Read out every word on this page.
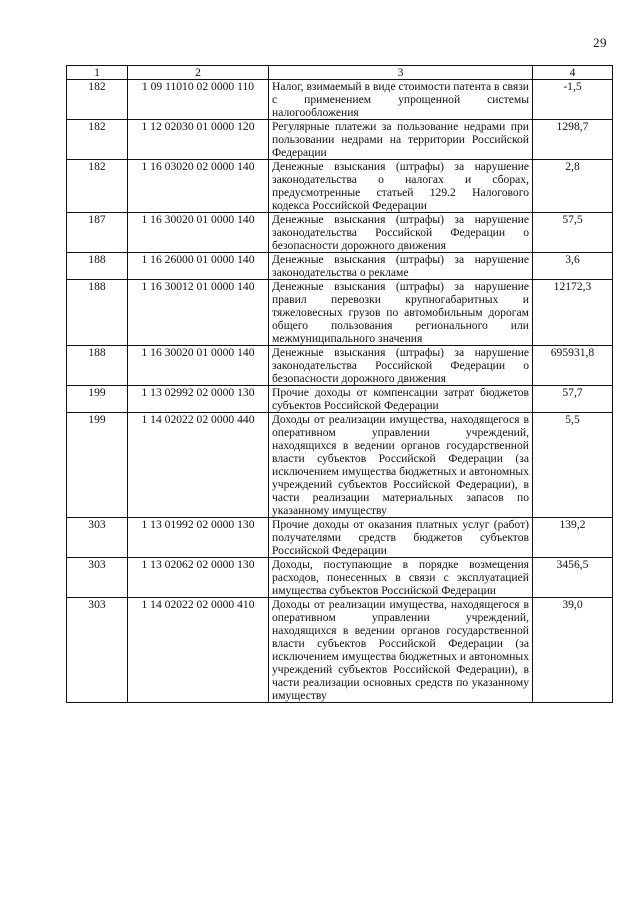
29
1	2	3	4
182	1 09 11010 02 0000 110	Налог, взимаемый в виде стоимости патента в связи с применением упрощенной системы налогообложения	-1,5
182	1 12 02030 01 0000 120	Регулярные платежи за пользование недрами при пользовании недрами на территории Российской Федерации	1298,7
182	1 16 03020 02 0000 140	Денежные взыскания (штрафы) за нарушение законодательства о налогах и сборах, предусмотренные статьей 129.2 Налогового кодекса Российской Федерации	2,8
187	1 16 30020 01 0000 140	Денежные взыскания (штрафы) за нарушение законодательства Российской Федерации о безопасности дорожного движения	57,5
188	1 16 26000 01 0000 140	Денежные взыскания (штрафы) за нарушение законодательства о рекламе	3,6
188	1 16 30012 01 0000 140	Денежные взыскания (штрафы) за нарушение правил перевозки крупногабаритных и тяжеловесных грузов по автомобильным дорогам общего пользования регионального или межмуниципального значения	12172,3
188	1 16 30020 01 0000 140	Денежные взыскания (штрафы) за нарушение законодательства Российской Федерации о безопасности дорожного движения	695931,8
199	1 13 02992 02 0000 130	Прочие доходы от компенсации затрат бюджетов субъектов Российской Федерации	57,7
199	1 14 02022 02 0000 440	Доходы от реализации имущества, находящегося в оперативном управлении учреждений, находящихся в ведении органов государственной власти субъектов Российской Федерации (за исключением имущества бюджетных и автономных учреждений субъектов Российской Федерации), в части реализации материальных запасов по указанному имуществу	5,5
303	1 13 01992 02 0000 130	Прочие доходы от оказания платных услуг (работ) получателями средств бюджетов субъектов Российской Федерации	139,2
303	1 13 02062 02 0000 130	Доходы, поступающие в порядке возмещения расходов, понесенных в связи с эксплуатацией имущества субъектов Российской Федерации	3456,5
303	1 14 02022 02 0000 410	Доходы от реализации имущества, находящегося в оперативном управлении учреждений, находящихся в ведении органов государственной власти субъектов Российской Федерации (за исключением имущества бюджетных и автономных учреждений субъектов Российской Федерации), в части реализации основных средств по указанному имуществу	39,0
